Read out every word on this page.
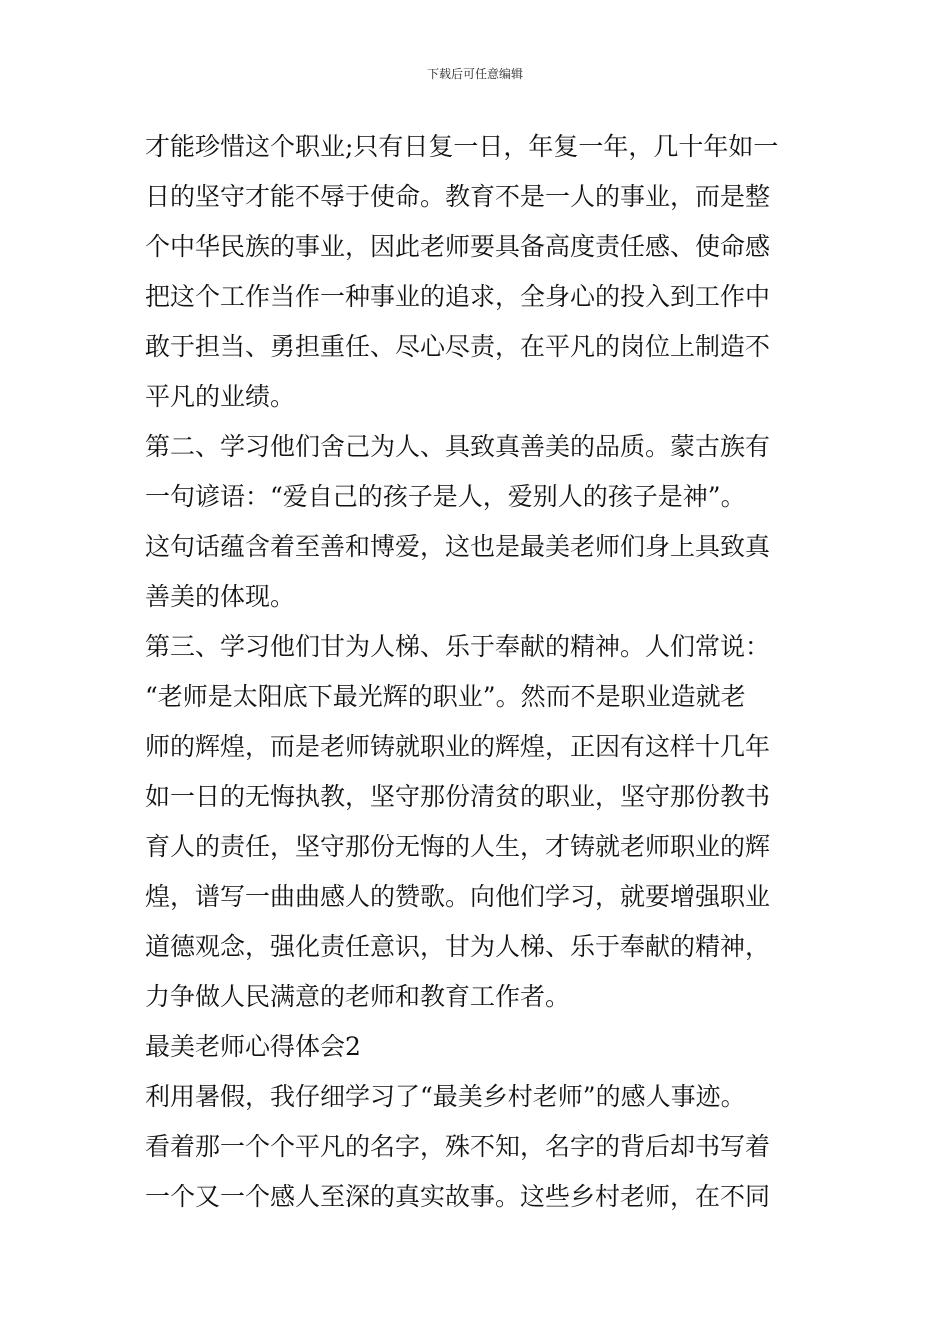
下载后可任意编辑
才能珍惜这个职业;只有日复一日，年复一年，几十年如一
日的坚守才能不辱于使命。教育不是一人的事业，而是整
个中华民族的事业，因此老师要具备高度责任感、使命感
把这个工作当作一种事业的追求，全身心的投入到工作中
敢于担当、勇担重任、尽心尽责，在平凡的岗位上制造不
平凡的业绩。
第二、学习他们舍己为人、具致真善美的品质。蒙古族有
一句谚语：“爱自己的孩子是人，爱别人的孩子是神”。
这句话蕴含着至善和博爱，这也是最美老师们身上具致真
善美的体现。
第三、学习他们甘为人梯、乐于奉献的精神。人们常说：
“老师是太阳底下最光辉的职业”。然而不是职业造就老
师的辉煌，而是老师铸就职业的辉煌，正因有这样十几年
如一日的无悔执教，坚守那份清贫的职业，坚守那份教书
育人的责任，坚守那份无悔的人生，才铸就老师职业的辉
煌，谱写一曲曲感人的赞歌。向他们学习，就要增强职业
道德观念，强化责任意识，甘为人梯、乐于奉献的精神，
力争做人民满意的老师和教育工作者。
最美老师心得体会2
利用暑假，我仔细学习了“最美乡村老师”的感人事迹。
看着那一个个平凡的名字，殊不知，名字的背后却书写着
一个又一个感人至深的真实故事。这些乡村老师，在不同
